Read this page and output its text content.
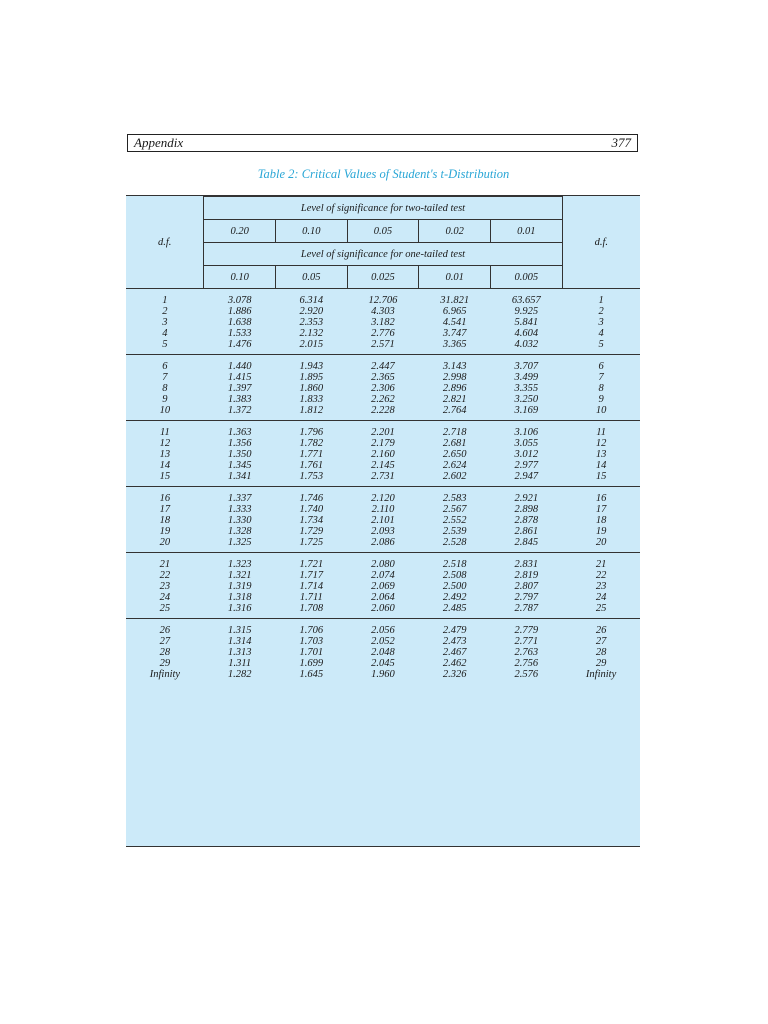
Appendix	377
Table 2: Critical Values of Student's t-Distribution
d.f.	Level of significance for two-tailed test					d.f.
	0.20	0.10	0.05	0.02	0.01	
	Level of significance for one-tailed test					
	0.10	0.05	0.025	0.01	0.005	
1	3.078	6.314	12.706	31.821	63.657	1
2	1.886	2.920	4.303	6.965	9.925	2
3	1.638	2.353	3.182	4.541	5.841	3
4	1.533	2.132	2.776	3.747	4.604	4
5	1.476	2.015	2.571	3.365	4.032	5
6	1.440	1.943	2.447	3.143	3.707	6
7	1.415	1.895	2.365	2.998	3.499	7
8	1.397	1.860	2.306	2.896	3.355	8
9	1.383	1.833	2.262	2.821	3.250	9
10	1.372	1.812	2.228	2.764	3.169	10
11	1.363	1.796	2.201	2.718	3.106	11
12	1.356	1.782	2.179	2.681	3.055	12
13	1.350	1.771	2.160	2.650	3.012	13
14	1.345	1.761	2.145	2.624	2.977	14
15	1.341	1.753	2.731	2.602	2.947	15
16	1.337	1.746	2.120	2.583	2.921	16
17	1.333	1.740	2.110	2.567	2.898	17
18	1.330	1.734	2.101	2.552	2.878	18
19	1.328	1.729	2.093	2.539	2.861	19
20	1.325	1.725	2.086	2.528	2.845	20
21	1.323	1.721	2.080	2.518	2.831	21
22	1.321	1.717	2.074	2.508	2.819	22
23	1.319	1.714	2.069	2.500	2.807	23
24	1.318	1.711	2.064	2.492	2.797	24
25	1.316	1.708	2.060	2.485	2.787	25
26	1.315	1.706	2.056	2.479	2.779	26
27	1.314	1.703	2.052	2.473	2.771	27
28	1.313	1.701	2.048	2.467	2.763	28
29	1.311	1.699	2.045	2.462	2.756	29
Infinity	1.282	1.645	1.960	2.326	2.576	Infinity
